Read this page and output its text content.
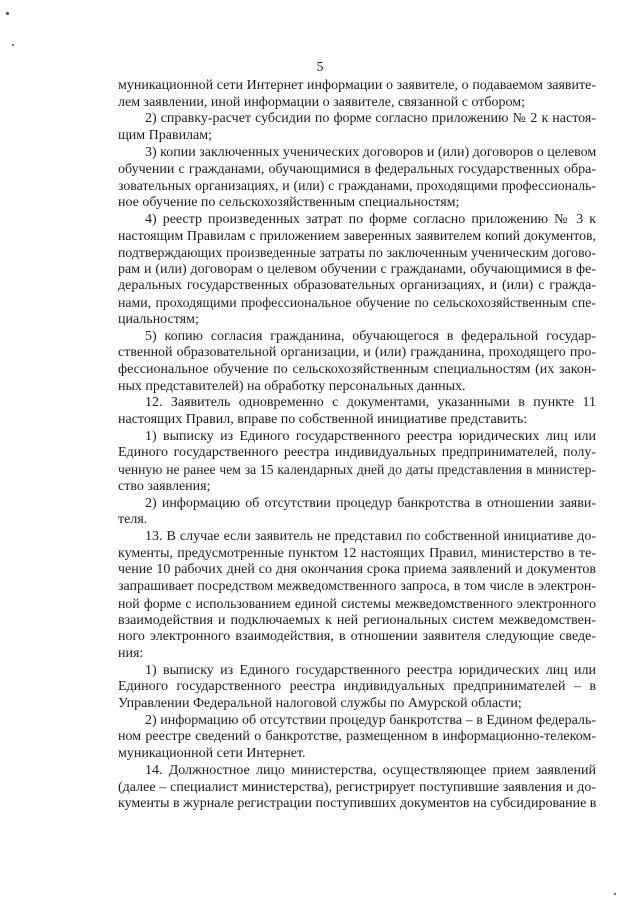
5
муникационной сети Интернет информации о заявителе, о подаваемом заявите-
лем заявлении, иной информации о заявителе, связанной с отбором;
2) справку-расчет субсидии по форме согласно приложению № 2 к настоя-
щим Правилам;
3) копии заключенных ученических договоров и (или) договоров о целевом
обучении с гражданами, обучающимися в федеральных государственных обра-
зовательных организациях, и (или) с гражданами, проходящими профессиональ-
ное обучение по сельскохозяйственным специальностям;
4) реестр произведенных затрат по форме согласно приложению № 3 к
настоящим Правилам с приложением заверенных заявителем копий документов,
подтверждающих произведенные затраты по заключенным ученическим догово-
рам и (или) договорам о целевом обучении с гражданами, обучающимися в фе-
деральных государственных образовательных организациях, и (или) с гражда-
нами, проходящими профессиональное обучение по сельскохозяйственным спе-
циальностям;
5) копию согласия гражданина, обучающегося в федеральной государ-
ственной образовательной организации, и (или) гражданина, проходящего про-
фессиональное обучение по сельскохозяйственным специальностям (их закон-
ных представителей) на обработку персональных данных.
12. Заявитель одновременно с документами, указанными в пункте 11
настоящих Правил, вправе по собственной инициативе представить:
1) выписку из Единого государственного реестра юридических лиц или
Единого государственного реестра индивидуальных предпринимателей, полу-
ченную не ранее чем за 15 календарных дней до даты представления в министер-
ство заявления;
2) информацию об отсутствии процедур банкротства в отношении заяви-
теля.
13. В случае если заявитель не представил по собственной инициативе до-
кументы, предусмотренные пунктом 12 настоящих Правил, министерство в те-
чение 10 рабочих дней со дня окончания срока приема заявлений и документов
запрашивает посредством межведомственного запроса, в том числе в электрон-
ной форме с использованием единой системы межведомственного электронного
взаимодействия и подключаемых к ней региональных систем межведомствен-
ного электронного взаимодействия, в отношении заявителя следующие сведе-
ния:
1) выписку из Единого государственного реестра юридических лиц или
Единого государственного реестра индивидуальных предпринимателей – в
Управлении Федеральной налоговой службы по Амурской области;
2) информацию об отсутствии процедур банкротства – в Едином федераль-
ном реестре сведений о банкротстве, размещенном в информационно-телеком-
муникационной сети Интернет.
14. Должностное лицо министерства, осуществляющее прием заявлений
(далее – специалист министерства), регистрирует поступившие заявления и до-
кументы в журнале регистрации поступивших документов на субсидирование в
